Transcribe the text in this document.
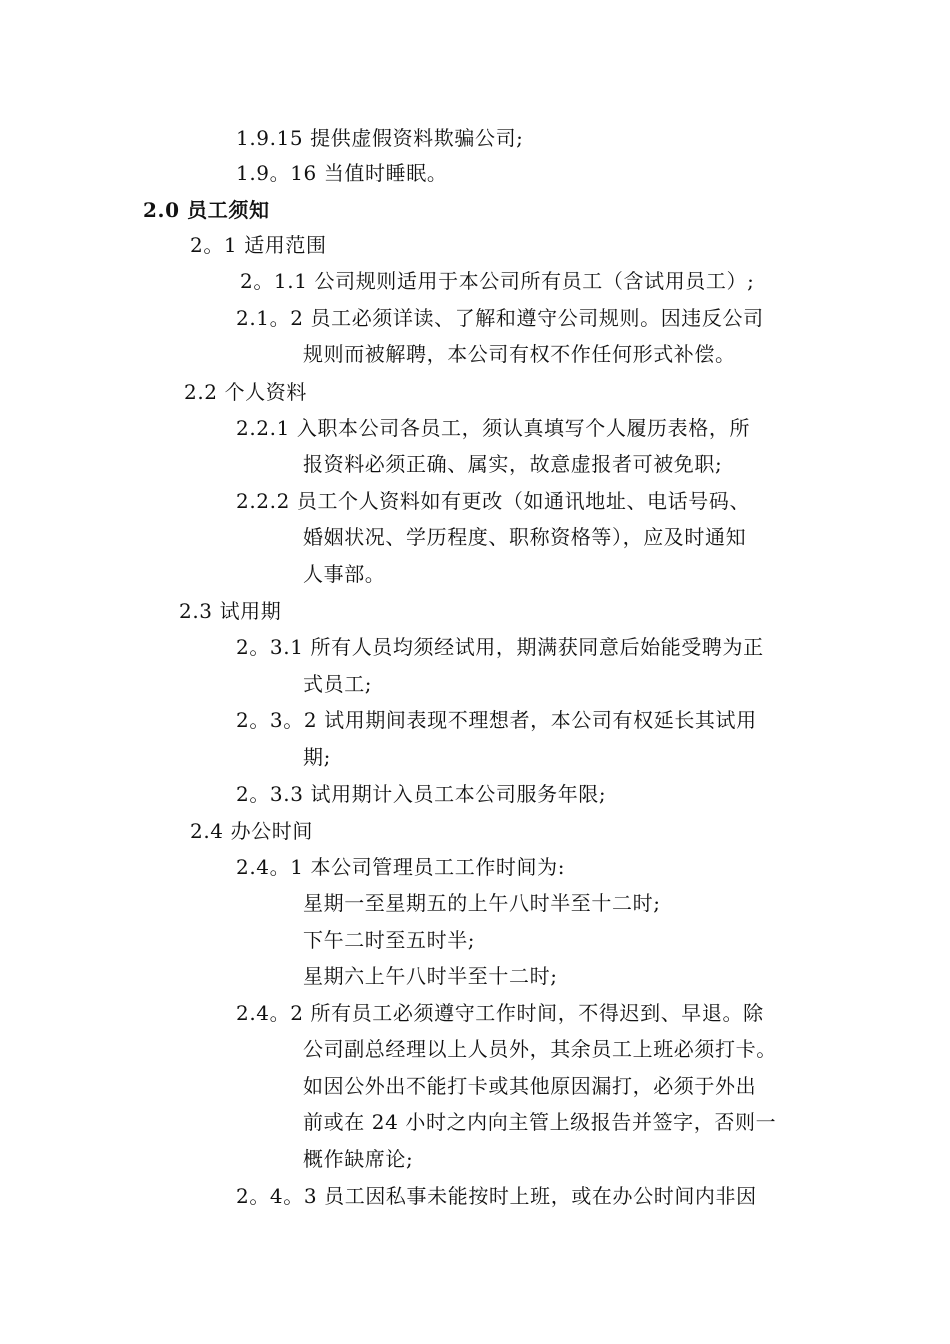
1.9.15 提供虚假资料欺骗公司;

1.9。16 当值时睡眠。

2.0 员工须知

2。1 适用范围

2。1.1 公司规则适用于本公司所有员工（含试用员工）;

2.1。2 员工必须详读、了解和遵守公司规则。因违反公司

规则而被解聘，本公司有权不作任何形式补偿。

2.2 个人资料

2.2.1 入职本公司各员工，须认真填写个人履历表格，所

报资料必须正确、属实，故意虚报者可被免职;

2.2.2 员工个人资料如有更改（如通讯地址、电话号码、

婚姻状况、学历程度、职称资格等），应及时通知

人事部。

2.3 试用期

2。3.1 所有人员均须经试用，期满获同意后始能受聘为正

式员工;

2。3。2 试用期间表现不理想者，本公司有权延长其试用

期;

2。3.3 试用期计入员工本公司服务年限;

2.4 办公时间

2.4。1 本公司管理员工工作时间为:

星期一至星期五的上午八时半至十二时;

下午二时至五时半;

星期六上午八时半至十二时;

2.4。2 所有员工必须遵守工作时间，不得迟到、早退。除

公司副总经理以上人员外，其余员工上班必须打卡。

如因公外出不能打卡或其他原因漏打，必须于外出

前或在 24 小时之内向主管上级报告并签字，否则一

概作缺席论;

2。4。3 员工因私事未能按时上班，或在办公时间内非因
